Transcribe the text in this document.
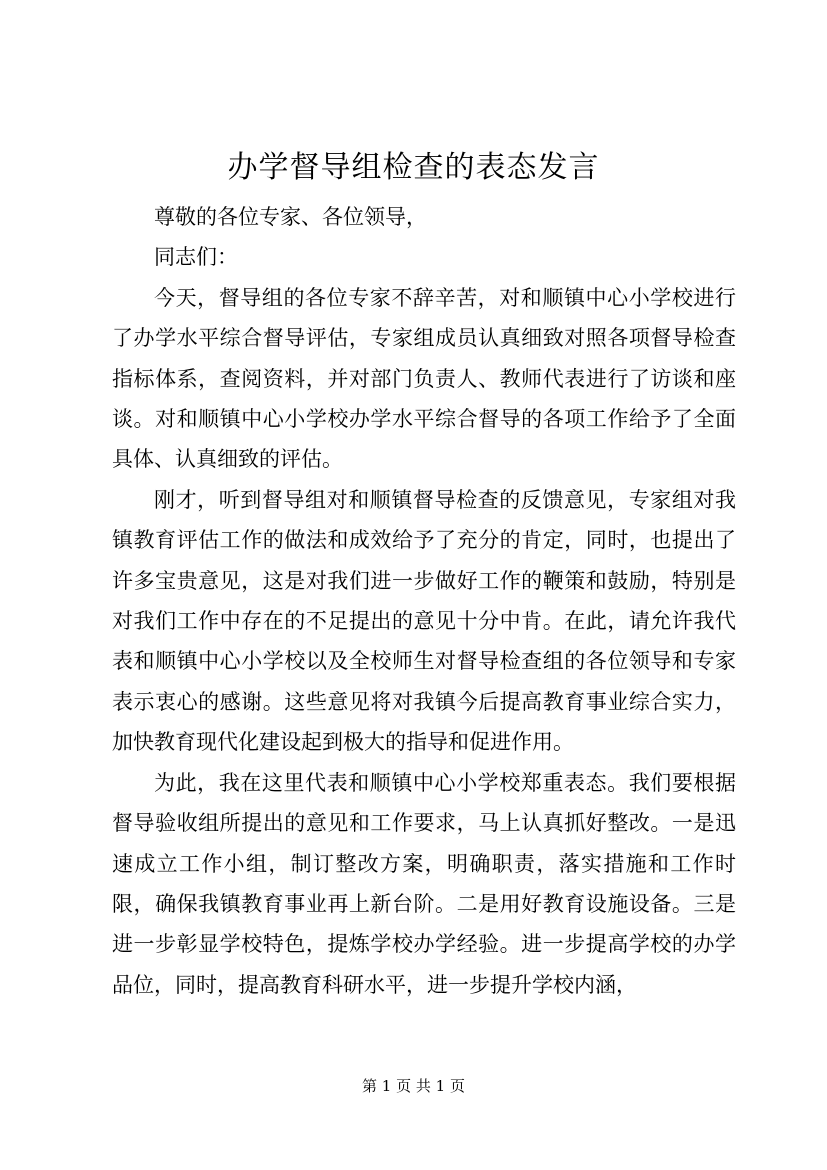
办学督导组检查的表态发言

尊敬的各位专家、各位领导，

同志们：

今天，督导组的各位专家不辞辛苦，对和顺镇中心小学校进行了办学水平综合督导评估，专家组成员认真细致对照各项督导检查指标体系，查阅资料，并对部门负责人、教师代表进行了访谈和座谈。对和顺镇中心小学校办学水平综合督导的各项工作给予了全面具体、认真细致的评估。

刚才，听到督导组对和顺镇督导检查的反馈意见，专家组对我镇教育评估工作的做法和成效给予了充分的肯定，同时，也提出了许多宝贵意见，这是对我们进一步做好工作的鞭策和鼓励，特别是对我们工作中存在的不足提出的意见十分中肯。在此，请允许我代表和顺镇中心小学校以及全校师生对督导检查组的各位领导和专家表示衷心的感谢。这些意见将对我镇今后提高教育事业综合实力，加快教育现代化建设起到极大的指导和促进作用。

为此，我在这里代表和顺镇中心小学校郑重表态。我们要根据督导验收组所提出的意见和工作要求，马上认真抓好整改。一是迅速成立工作小组，制订整改方案，明确职责，落实措施和工作时限，确保我镇教育事业再上新台阶。二是用好教育设施设备。三是进一步彰显学校特色，提炼学校办学经验。进一步提高学校的办学品位，同时，提高教育科研水平，进一步提升学校内涵，

第 1 页 共 1 页
